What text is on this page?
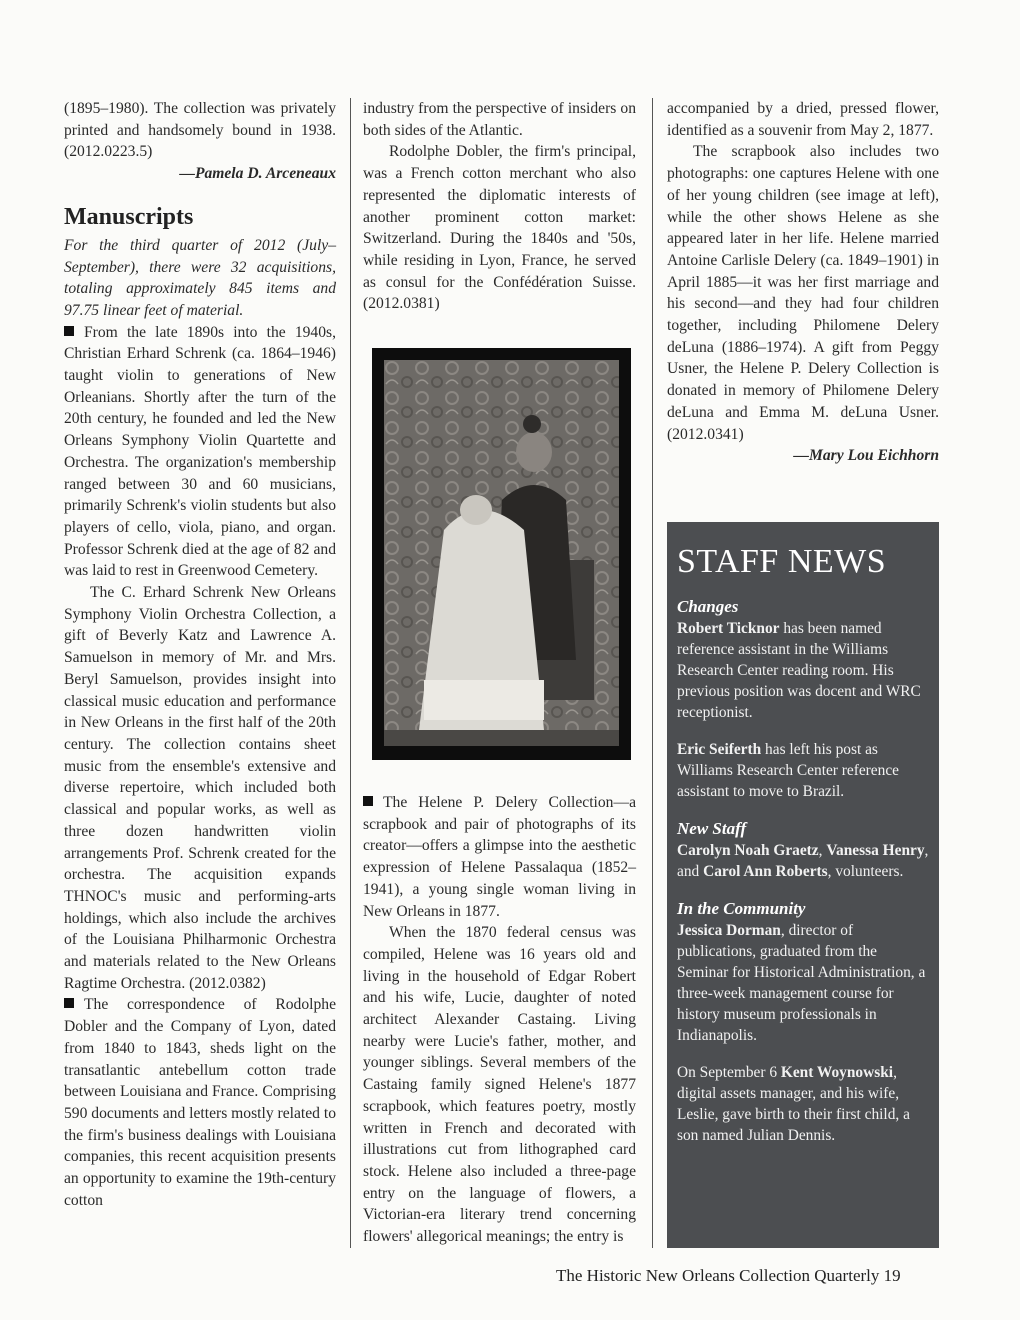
(1895–1980). The collection was privately printed and handsomely bound in 1938. (2012.0223.5)

—Pamela D. Arceneaux

Manuscripts

For the third quarter of 2012 (July–September), there were 32 acquisitions, totaling approximately 845 items and 97.75 linear feet of material.

From the late 1890s into the 1940s, Christian Erhard Schrenk (ca. 1864–1946) taught violin to generations of New Orleanians. Shortly after the turn of the 20th century, he founded and led the New Orleans Symphony Violin Quartette and Orchestra. The organization's membership ranged between 30 and 60 musicians, primarily Schrenk's violin students but also players of cello, viola, piano, and organ. Professor Schrenk died at the age of 82 and was laid to rest in Greenwood Cemetery.

The C. Erhard Schrenk New Orleans Symphony Violin Orchestra Collection, a gift of Beverly Katz and Lawrence A. Samuelson in memory of Mr. and Mrs. Beryl Samuelson, provides insight into classical music education and performance in New Orleans in the first half of the 20th century. The collection contains sheet music from the ensemble's extensive and diverse repertoire, which included both classical and popular works, as well as three dozen handwritten violin arrangements Prof. Schrenk created for the orchestra. The acquisition expands THNOC's music and performing-arts holdings, which also include the archives of the Louisiana Philharmonic Orchestra and materials related to the New Orleans Ragtime Orchestra. (2012.0382)

The correspondence of Rodolphe Dobler and the Company of Lyon, dated from 1840 to 1843, sheds light on the transatlantic antebellum cotton trade between Louisiana and France. Comprising 590 documents and letters mostly related to the firm's business dealings with Louisiana companies, this recent acquisition presents an opportunity to examine the 19th-century cotton

industry from the perspective of insiders on both sides of the Atlantic.

Rodolphe Dobler, the firm's principal, was a French cotton merchant who also represented the diplomatic interests of another prominent cotton market: Switzerland. During the 1840s and '50s, while residing in Lyon, France, he served as consul for the Confédération Suisse. (2012.0381)

The Helene P. Delery Collection—a scrapbook and pair of photographs of its creator—offers a glimpse into the aesthetic expression of Helene Passalaqua (1852–1941), a young single woman living in New Orleans in 1877.

When the 1870 federal census was compiled, Helene was 16 years old and living in the household of Edgar Robert and his wife, Lucie, daughter of noted architect Alexander Castaing. Living nearby were Lucie's father, mother, and younger siblings. Several members of the Castaing family signed Helene's 1877 scrapbook, which features poetry, mostly written in French and decorated with illustrations cut from lithographed card stock. Helene also included a three-page entry on the language of flowers, a Victorian-era literary trend concerning flowers' allegorical meanings; the entry is

accompanied by a dried, pressed flower, identified as a souvenir from May 2, 1877.

The scrapbook also includes two photographs: one captures Helene with one of her young children (see image at left), while the other shows Helene as she appeared later in her life. Helene married Antoine Carlisle Delery (ca. 1849–1901) in April 1885—it was her first marriage and his second—and they had four children together, including Philomene Delery deLuna (1886–1974). A gift from Peggy Usner, the Helene P. Delery Collection is donated in memory of Philomene Delery deLuna and Emma M. deLuna Usner. (2012.0341)

—Mary Lou Eichhorn

STAFF NEWS

Changes

Robert Ticknor has been named reference assistant in the Williams Research Center reading room. His previous position was docent and WRC receptionist.

Eric Seiferth has left his post as Williams Research Center reference assistant to move to Brazil.

New Staff

Carolyn Noah Graetz, Vanessa Henry, and Carol Ann Roberts, volunteers.

In the Community

Jessica Dorman, director of publications, graduated from the Seminar for Historical Administration, a three-week management course for history museum professionals in Indianapolis.

On September 6 Kent Woynowski, digital assets manager, and his wife, Leslie, gave birth to their first child, a son named Julian Dennis.

The Historic New Orleans Collection Quarterly 19
